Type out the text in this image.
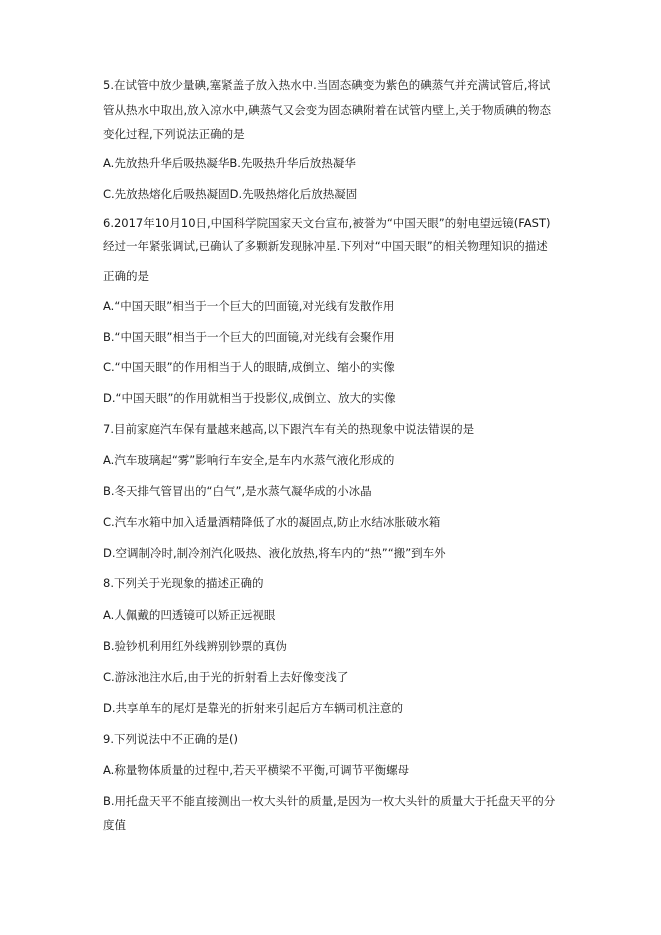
5.在试管中放少量碘,塞紧盖子放入热水中.当固态碘变为紫色的碘蒸气并充满试管后,将试
管从热水中取出,放入凉水中,碘蒸气又会变为固态碘附着在试管内壁上,关于物质碘的物态
变化过程,下列说法正确的是
A.先放热升华后吸热凝华B.先吸热升华后放热凝华
C.先放热熔化后吸热凝固D.先吸热熔化后放热凝固
6.2017年10月10日,中国科学院国家天文台宣布,被誉为“中国天眼”的射电望远镜(FAST)
经过一年紧张调试,已确认了多颗新发现脉冲星.下列对“中国天眼”的相关物理知识的描述
正确的是
A.“中国天眼”相当于一个巨大的凹面镜,对光线有发散作用
B.“中国天眼”相当于一个巨大的凹面镜,对光线有会聚作用
C.“中国天眼”的作用相当于人的眼睛,成倒立、缩小的实像
D.“中国天眼”的作用就相当于投影仪,成倒立、放大的实像
7.目前家庭汽车保有量越来越高,以下跟汽车有关的热现象中说法错误的是
A.汽车玻璃起“雾”影响行车安全,是车内水蒸气液化形成的
B.冬天排气管冒出的“白气”,是水蒸气凝华成的小冰晶
C.汽车水箱中加入适量酒精降低了水的凝固点,防止水结冰胀破水箱
D.空调制冷时,制冷剂汽化吸热、液化放热,将车内的“热”“搬”到车外
8.下列关于光现象的描述正确的
A.人佩戴的凹透镜可以矫正远视眼
B.验钞机利用红外线辨别钞票的真伪
C.游泳池注水后,由于光的折射看上去好像变浅了
D.共享单车的尾灯是靠光的折射来引起后方车辆司机注意的
9.下列说法中不正确的是()
A.称量物体质量的过程中,若天平横梁不平衡,可调节平衡螺母
B.用托盘天平不能直接测出一枚大头针的质量,是因为一枚大头针的质量大于托盘天平的分
度值
